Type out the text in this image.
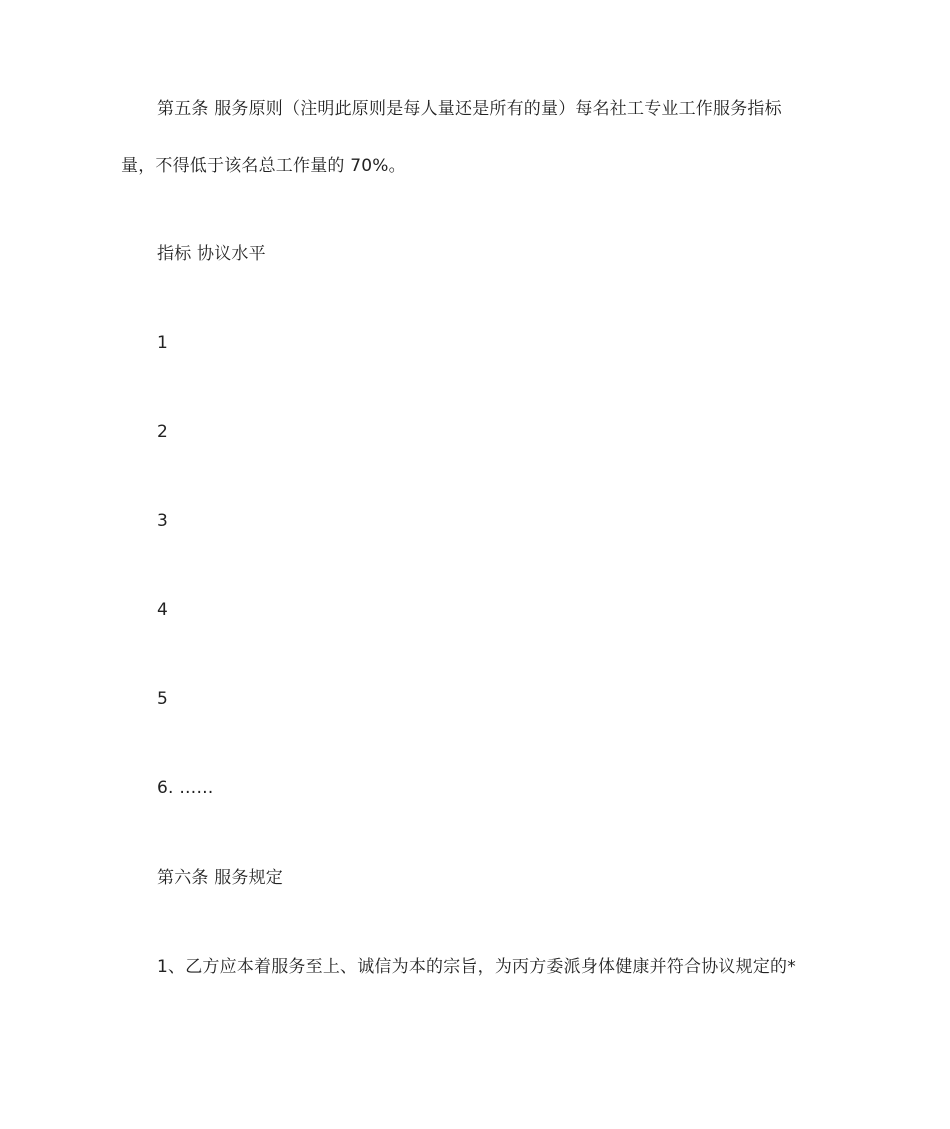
第五条 服务原则（注明此原则是每人量还是所有的量）每名社工专业工作服务指标
量，不得低于该名总工作量的 70%。
指标 协议水平
1
2
3
4
5
6. ……
第六条 服务规定
1、乙方应本着服务至上、诚信为本的宗旨，为丙方委派身体健康并符合协议规定的*
